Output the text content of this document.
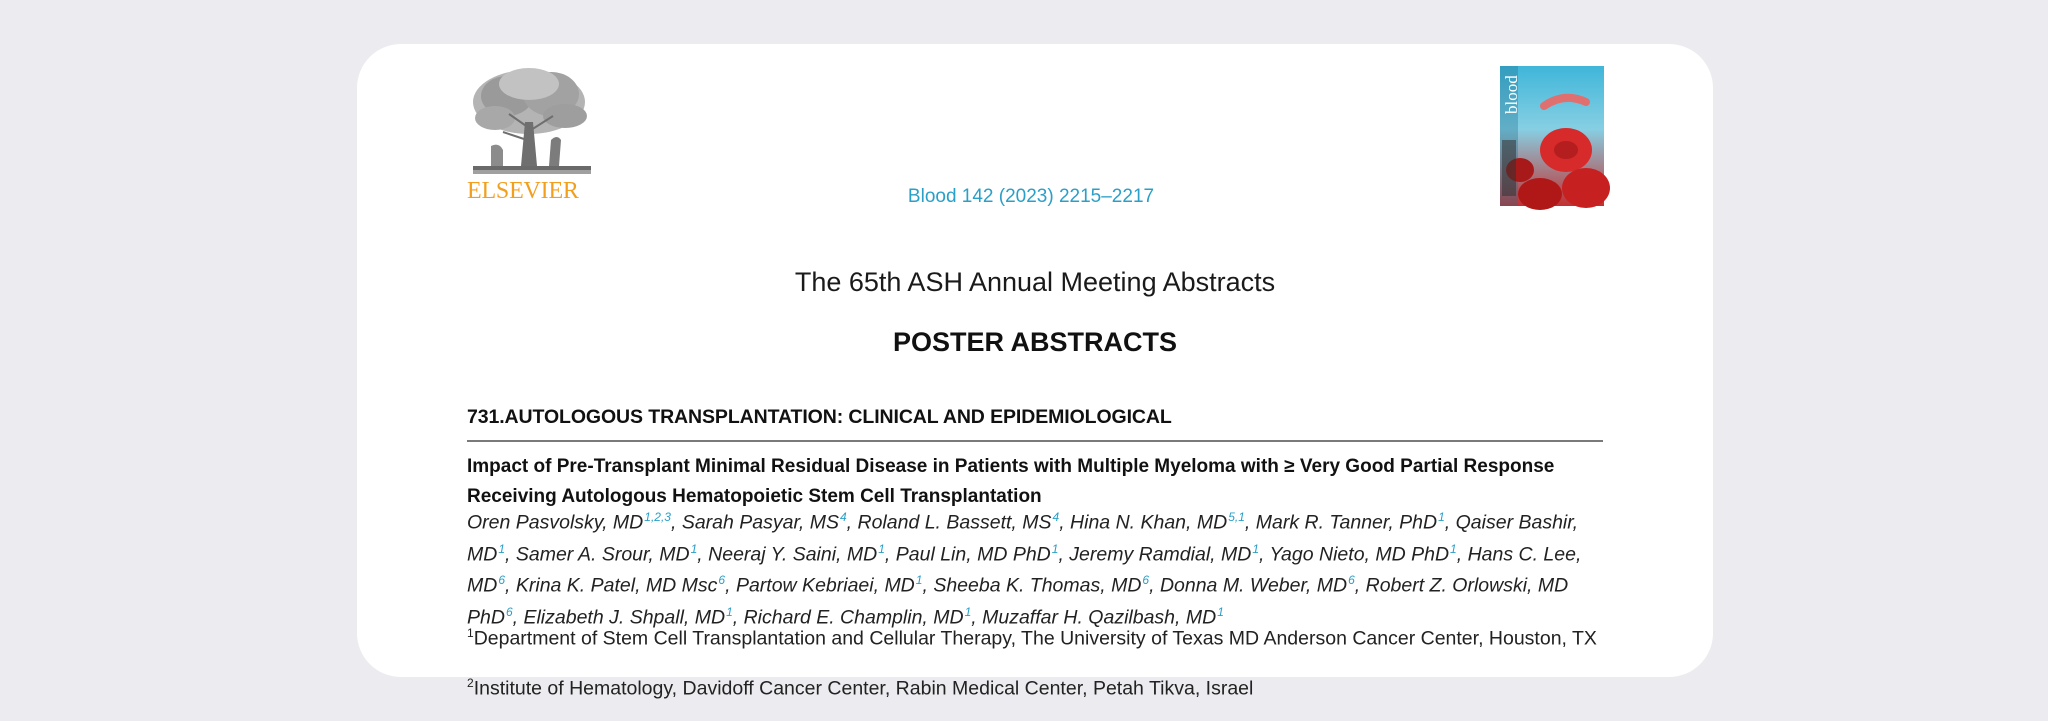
ELSEVIER	Blood 142 (2023) 2215–2217
blood
The 65th ASH Annual Meeting Abstracts
POSTER ABSTRACTS
731.AUTOLOGOUS TRANSPLANTATION: CLINICAL AND EPIDEMIOLOGICAL
Impact of Pre-Transplant Minimal Residual Disease in Patients with Multiple Myeloma with ≥ Very Good Partial Response Receiving Autologous Hematopoietic Stem Cell Transplantation
Oren Pasvolsky, MD$^{1,2,3}$, Sarah Pasyar, $MS^4$, Roland L. Bassett, $MS^4$, Hina N. Khan, MD$^{5,1}$, Mark R. Tanner, PhD$^1$, Qaiser Bashir, $MD^1$, Samer A. Srour, $MD^1$, Neeraj Y. Saini, $MD^1$, Paul Lin, MD PhD$^1$, Jeremy Ramdial, $MD^1$, Yago Nieto, MD PhD$^1$, Hans C. Lee, $MD^6$, Krina K. Patel, MD Msc$^6$, Partow Kebriaei, $MD^1$, Sheeba K. Thomas, $MD^6$, Donna M. Weber, $MD^6$, Robert Z. Orlowski, MD PhD$^6$, Elizabeth J. Shpall, $MD^1$, Richard E. Champlin, $MD^1$, Muzaffar H. Qazilbash, $MD^1$
$^1$Department of Stem Cell Transplantation and Cellular Therapy, The University of Texas MD Anderson Cancer Center, Houston, TX
$^2$Institute of Hematology, Davidoff Cancer Center, Rabin Medical Center, Petah Tikva, Israel
